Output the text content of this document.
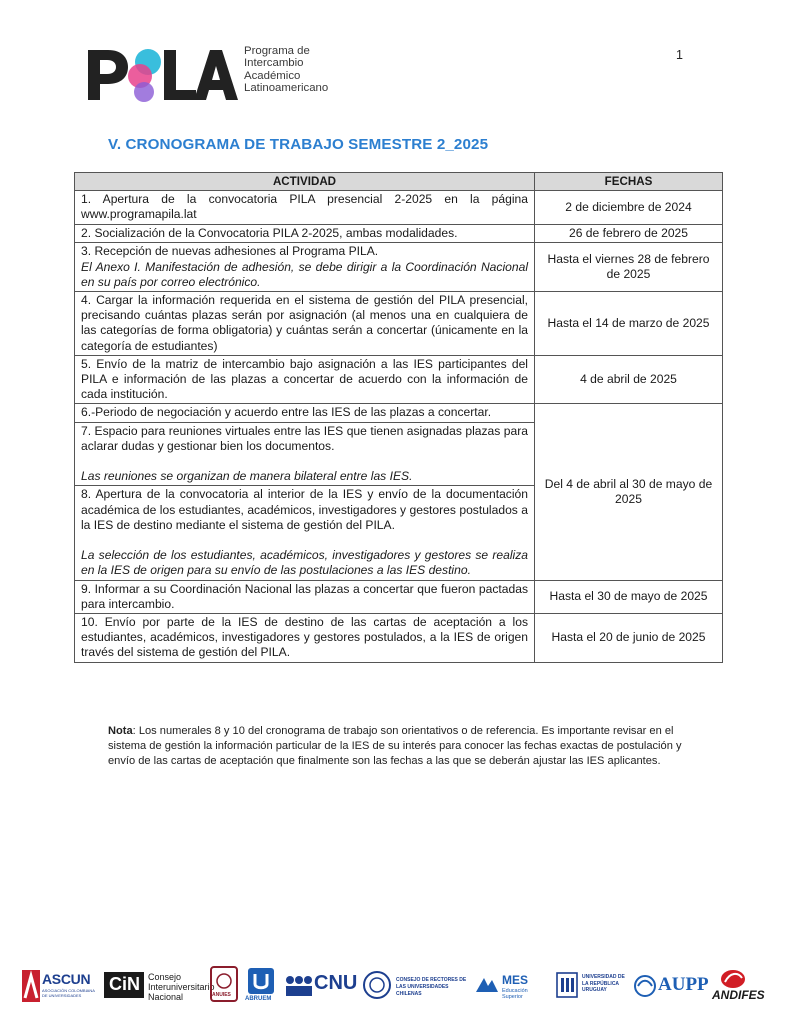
Programa de
Intercambio
Académico
Latinoamericano
1
V. CRONOGRAMA DE TRABAJO SEMESTRE 2_2025
ACTIVIDAD	FECHAS

1. Apertura de la convocatoria PILA presencial 2-2025 en la página www.programapila.lat	2 de diciembre de 2024

2. Socialización de la Convocatoria PILA 2-2025, ambas modalidades.	26 de febrero de 2025

3. Recepción de nuevas adhesiones al Programa PILA.
El Anexo I. Manifestación de adhesión, se debe dirigir a la Coordinación Nacional en su país por correo electrónico.	Hasta el viernes 28 de febrero de 2025

4. Cargar la información requerida en el sistema de gestión del PILA presencial, precisando cuántas plazas serán por asignación (al menos una en cualquiera de las categorías de forma obligatoria) y cuántas serán a concertar (únicamente en la categoría de estudiantes)	Hasta el 14 de marzo de 2025

5. Envío de la matriz de intercambio bajo asignación a las IES participantes del PILA e información de las plazas a concertar de acuerdo con la información de cada institución.	4 de abril de 2025

6.-Periodo de negociación y acuerdo entre las IES de las plazas a concertar.	Del 4 de abril al 30 de mayo de 2025

7. Espacio para reuniones virtuales entre las IES que tienen asignadas plazas para aclarar dudas y gestionar bien los documentos.
Las reuniones se organizan de manera bilateral entre las IES.	

8. Apertura de la convocatoria al interior de la IES y envío de la documentación académica de los estudiantes, académicos, investigadores y gestores postulados a la IES de destino mediante el sistema de gestión del PILA.
La selección de los estudiantes, académicos, investigadores y gestores se realiza en la IES de origen para su envío de las postulaciones a las IES destino.	

9. Informar a su Coordinación Nacional las plazas a concertar que fueron pactadas para intercambio.	Hasta el 30 de mayo de 2025

10. Envío por parte de la IES de destino de las cartas de aceptación a los estudiantes, académicos, investigadores y gestores postulados, a la IES de origen través del sistema de gestión del PILA.	Hasta el 20 de junio de 2025
Nota: Los numerales 8 y 10 del cronograma de trabajo son orientativos o de referencia. Es importante revisar en el sistema de gestión la información particular de la IES de su interés para conocer las fechas exactas de postulación y envío de las cartas de aceptación que finalmente son las fechas a las que se deberán ajustar las IES aplicantes.
ASCUN
ASOCIACIÓN COLOMBIANA DE UNIVERSIDADES
CiN Consejo
Interuniversitario
Nacional	ANUIES
ABRUEM
CNU	CONSEJO DE RECTORES DE LAS UNIVERSIDADES CHILENAS
MES
Educación Superior
UNIVERSIDAD DE LA REPÚBLICA URUGUAY	AUPP ANDIFES
